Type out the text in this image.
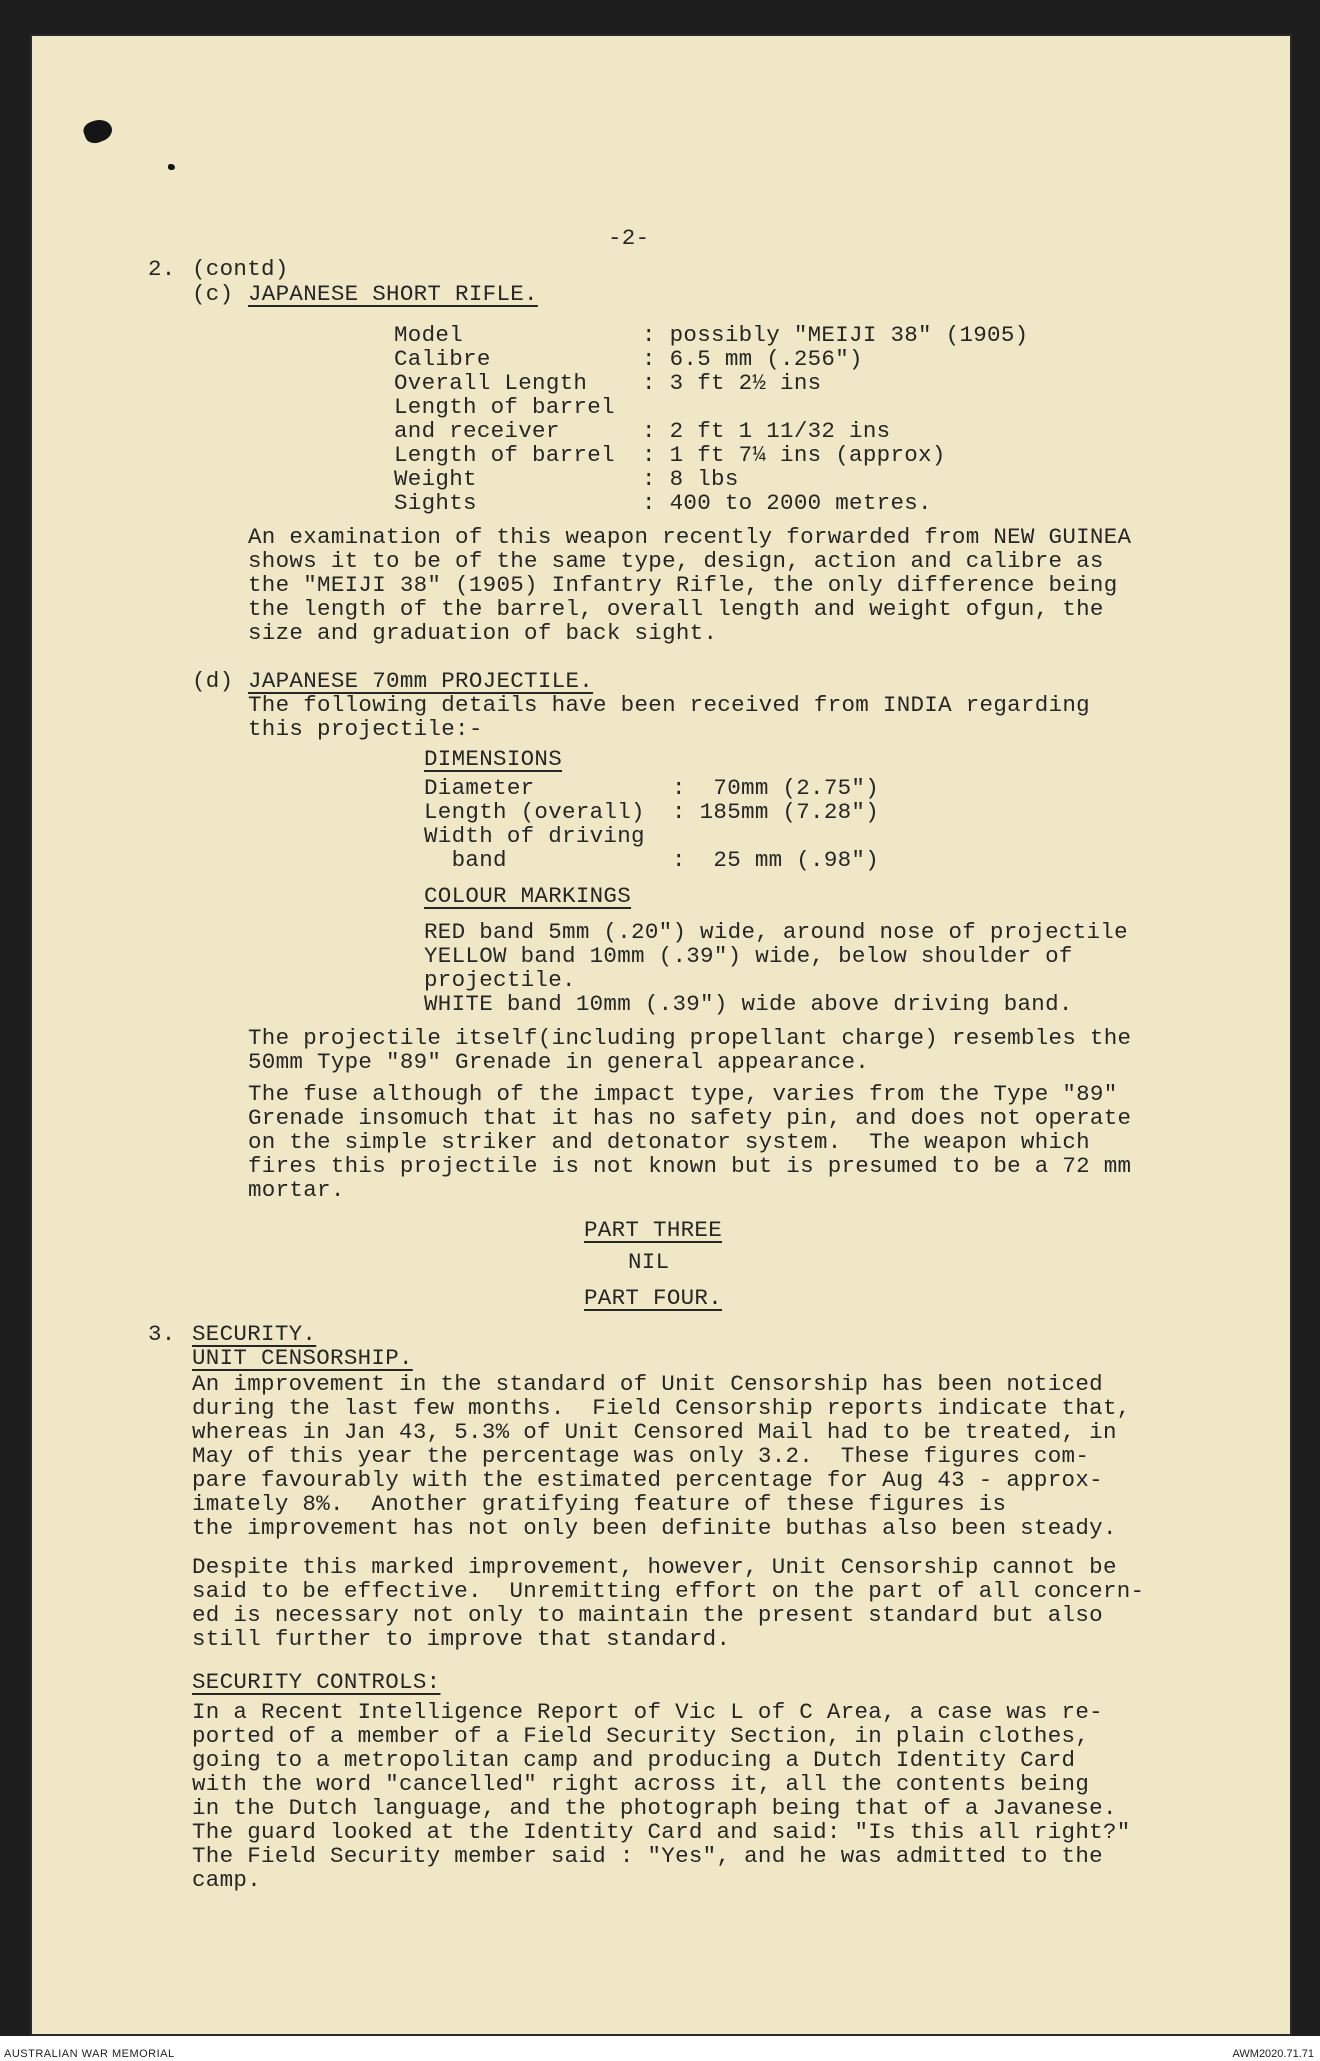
-2-
2. (contd)
(c) JAPANESE SHORT RIFLE.
Model	: possibly "MEIJI 38" (1905)
Calibre	: 6.5 mm (.256")
Overall Length : 3 ft 2½ ins
Length of barrel
and receiver	: 2 ft 1 11/32 ins
Length of barrel : 1 ft 7¼ ins (approx)
Weight	: 8 lbs
Sights	: 400 to 2000 metres.
An examination of this weapon recently forwarded from NEW GUINEA
shows it to be of the same type, design, action and calibre as
the "MEIJI 38" (1905) Infantry Rifle, the only difference being
the length of the barrel, overall length and weight ofgun, the
size and graduation of back sight.
(d) JAPANESE 70mm PROJECTILE.
The following details have been received from INDIA regarding
this projectile:-
DIMENSIONS
Diameter	:  70mm (2.75")
Length (overall) : 185mm (7.28")
Width of driving
band	:  25 mm (.98")
COLOUR MARKINGS
RED band 5mm (.20") wide, around nose of projectile
YELLOW band 10mm (.39") wide, below shoulder of
projectile.
WHITE band 10mm (.39") wide above driving band.
The projectile itself(including propellant charge) resembles the
50mm Type "89" Grenade in general appearance.
The fuse although of the impact type, varies from the Type "89"
Grenade insomuch that it has no safety pin, and does not operate
on the simple striker and detonator system.  The weapon which
fires this projectile is not known but is presumed to be a 72 mm
mortar.
PART THREE
NIL
PART FOUR.
3. SECURITY.
UNIT CENSORSHIP.
An improvement in the standard of Unit Censorship has been noticed
during the last few months.  Field Censorship reports indicate that,
whereas in Jan 43, 5.3% of Unit Censored Mail had to be treated, in
May of this year the percentage was only 3.2.  These figures com-
pare favourably with the estimated percentage for Aug 43 - approx-
imately 8%.  Another gratifying feature of these figures is
the improvement has not only been definite buthas also been steady.
Despite this marked improvement, however, Unit Censorship cannot be
said to be effective.  Unremitting effort on the part of all concern-
ed is necessary not only to maintain the present standard but also
still further to improve that standard.
SECURITY CONTROLS:
In a Recent Intelligence Report of Vic L of C Area, a case was re-
ported of a member of a Field Security Section, in plain clothes,
going to a metropolitan camp and producing a Dutch Identity Card
with the word "cancelled" right across it, all the contents being
in the Dutch language, and the photograph being that of a Javanese.
The guard looked at the Identity Card and said: "Is this all right?"
The Field Security member said : "Yes", and he was admitted to the
camp.
AUSTRALIAN WAR MEMORIAL	AWM2020.71.71
